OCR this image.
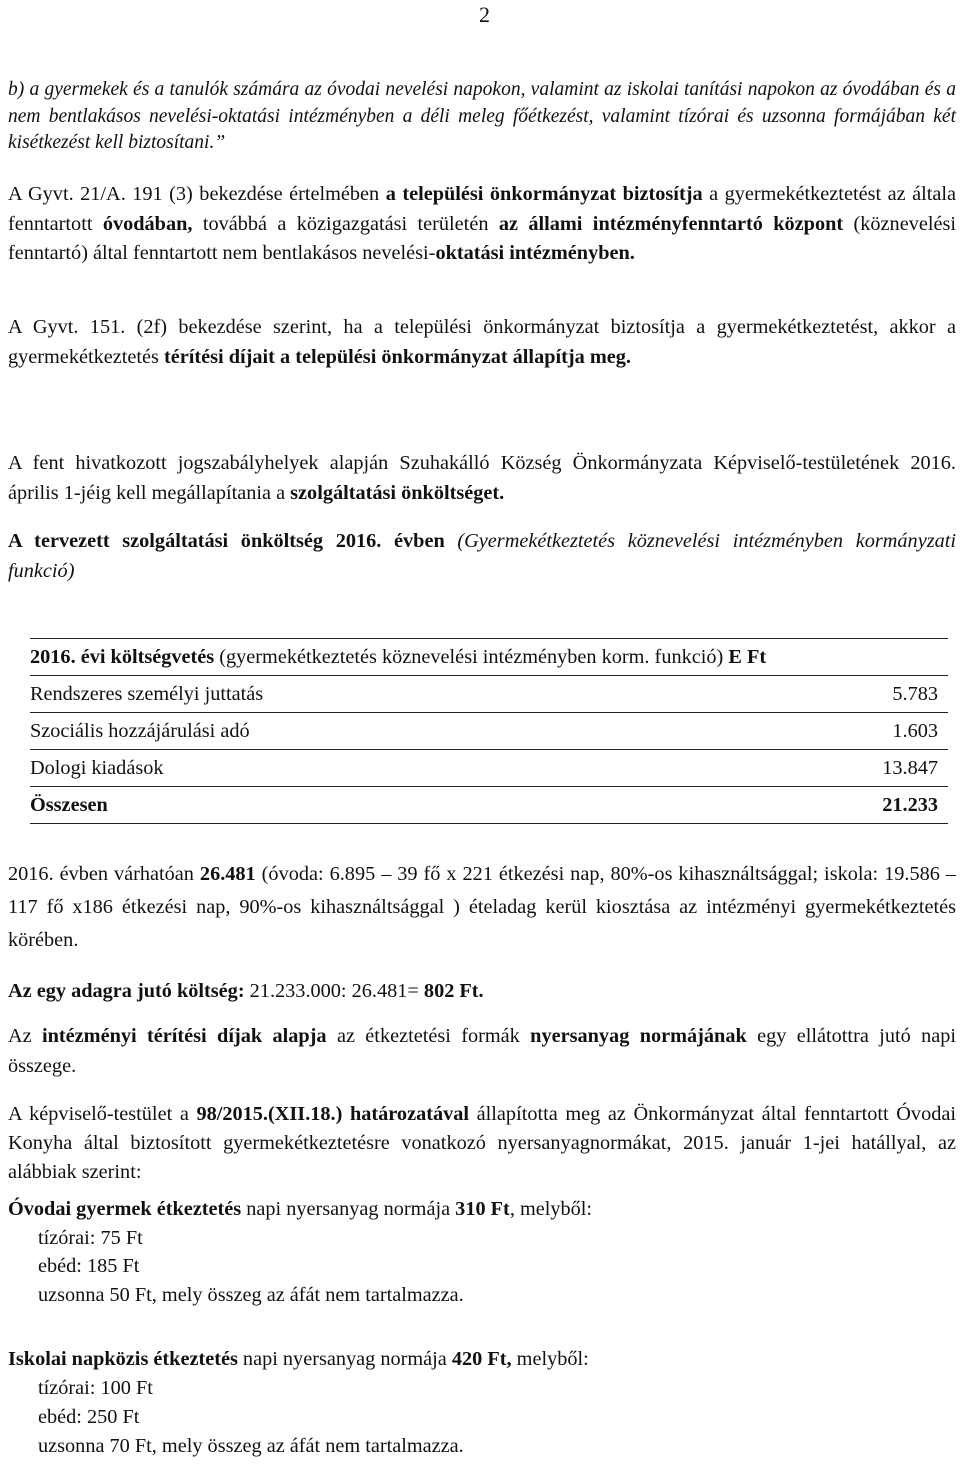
2

b) a gyermekek és a tanulók számára az óvodai nevelési napokon, valamint az iskolai tanítási napokon az óvodában és a nem bentlakásos nevelési-oktatási intézményben a déli meleg főétkezést, valamint tízórai és uzsonna formájában két kisétkezést kell biztosítani.”

A Gyvt. 21/A. 191 (3) bekezdése értelmében a települési önkormányzat biztosítja a gyermekétkeztetést az általa fenntartott óvodában, továbbá a közigazgatási területén az állami intézményfenntartó központ (köznevelési fenntartó) által fenntartott nem bentlakásos nevelési-oktatási intézményben.

A Gyvt. 151. (2f) bekezdése szerint, ha a települési önkormányzat biztosítja a gyermekétkeztetést, akkor a gyermekétkeztetés térítési díjait a települési önkormányzat állapítja meg.

A fent hivatkozott jogszabályhelyek alapján Szuhakálló Község Önkormányzata Képviselő-testületének 2016. április 1-jéig kell megállapítania a szolgáltatási önköltséget.

A tervezett szolgáltatási önköltség 2016. évben (Gyermekétkeztetés köznevelési intézményben kormányzati funkció)

2016. évi költségvetés (gyermekétkeztetés köznevelési intézményben korm. funkció) E Ft	
Rendszeres személyi juttatás	5.783
Szociális hozzájárulási adó	1.603
Dologi kiadások	13.847
Összesen	21.233

2016. évben várhatóan 26.481 (óvoda: 6.895 – 39 fő x 221 étkezési nap, 80%-os kihasználtsággal; iskola: 19.586 – 117 fő x186 étkezési nap, 90%-os kihasználtsággal ) ételadag kerül kiosztása az intézményi gyermekétkeztetés körében.

Az egy adagra jutó költség: 21.233.000: 26.481= 802 Ft.

Az intézményi térítési díjak alapja az étkeztetési formák nyersanyag normájának egy ellátottra jutó napi összege.

A képviselő-testület a 98/2015.(XII.18.) határozatával állapította meg az Önkormányzat által fenntartott Óvodai Konyha által biztosított gyermekétkeztetésre vonatkozó nyersanyagnormákat, 2015. január 1-jei hatállyal, az alábbiak szerint:

Óvodai gyermek étkeztetés napi nyersanyag normája 310 Ft, melyből:

tízórai: 75 Ft

ebéd: 185 Ft

uzsonna 50 Ft, mely összeg az áfát nem tartalmazza.

Iskolai napközis étkeztetés napi nyersanyag normája 420 Ft, melyből:

tízórai: 100 Ft

ebéd: 250 Ft

uzsonna 70 Ft, mely összeg az áfát nem tartalmazza.
